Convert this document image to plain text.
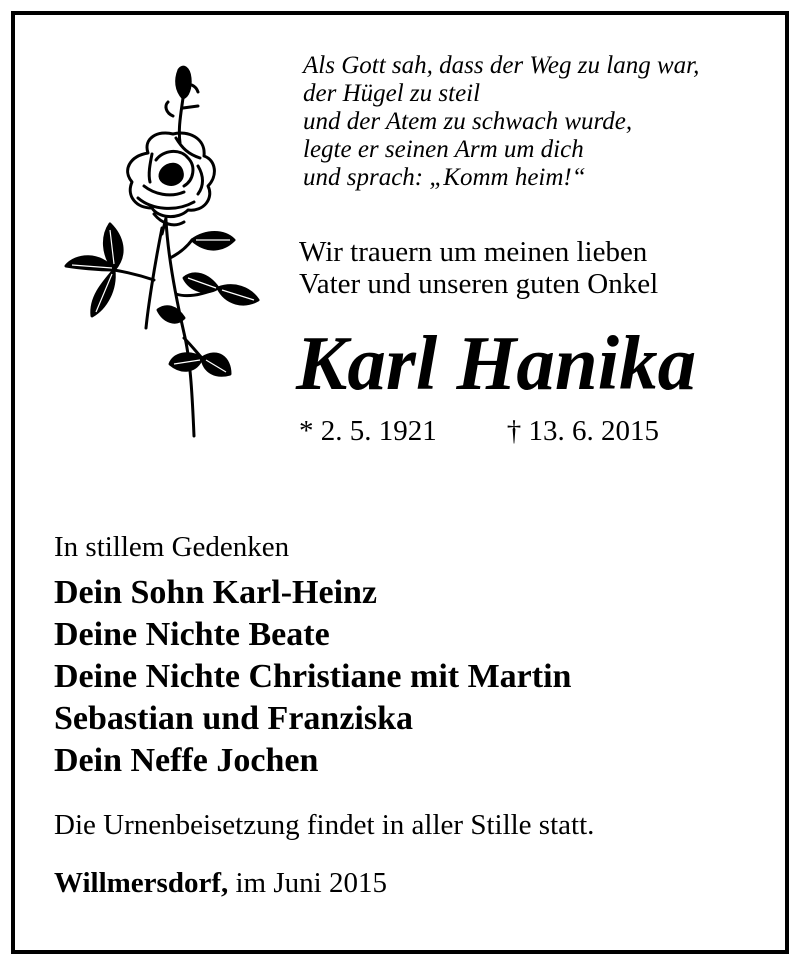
Als Gott sah, dass der Weg zu lang war,
der Hügel zu steil
und der Atem zu schwach wurde,
legte er seinen Arm um dich
und sprach: „Komm heim!“
Wir trauern um meinen lieben
Vater und unseren guten Onkel
Karl Hanika
* 2. 5. 1921 † 13. 6. 2015
In stillem Gedenken
Dein Sohn Karl-Heinz
Deine Nichte Beate
Deine Nichte Christiane mit Martin
Sebastian und Franziska
Dein Neffe Jochen
Die Urnenbeisetzung findet in aller Stille statt.
Willmersdorf, im Juni 2015
